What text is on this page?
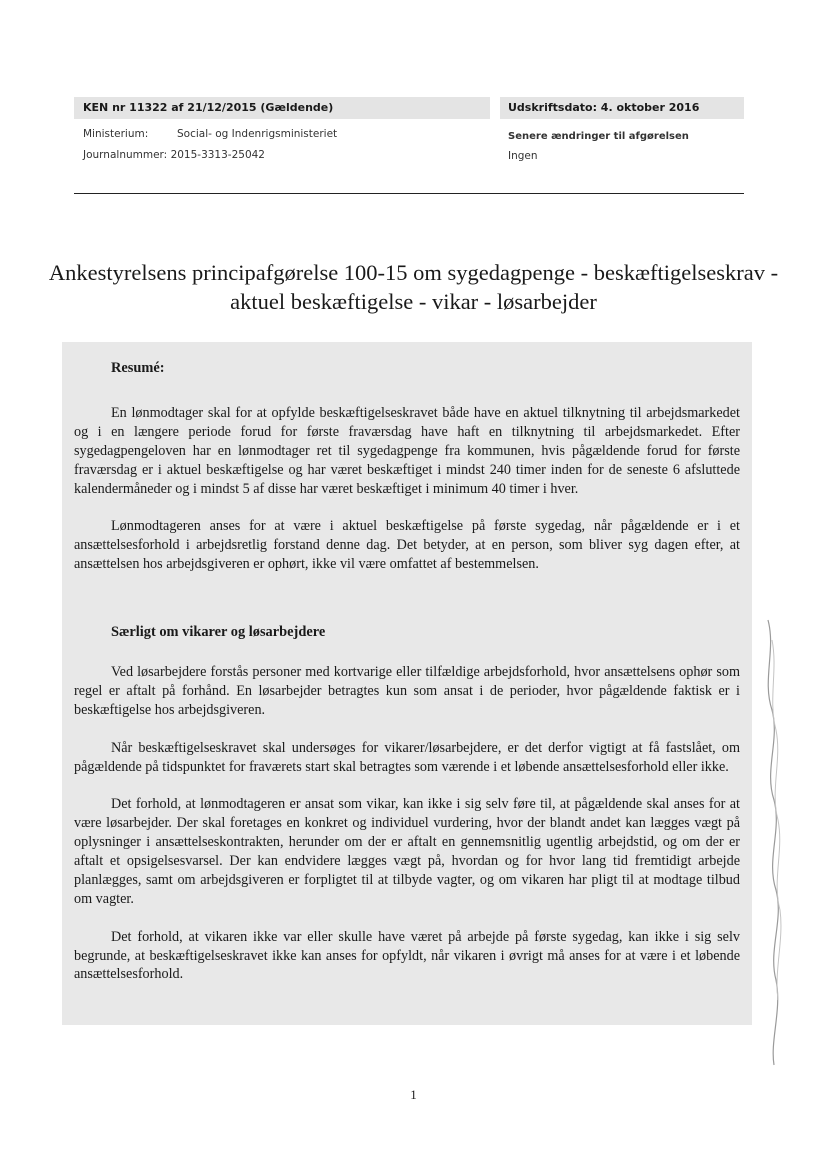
KEN nr 11322 af 21/12/2015 (Gældende)	Udskriftsdato: 4. oktober 2016
Ministerium:	Social- og Indenrigsministeriet
Journalnummer: 2015-3313-25042
Senere ændringer til afgørelsen
Ingen
Ankestyrelsens principafgørelse 100-15 om sygedagpenge - beskæftigelseskrav - aktuel beskæftigelse - vikar - løsarbejder
Resumé:

En lønmodtager skal for at opfylde beskæftigelseskravet både have en aktuel tilknytning til arbejdsmarkedet og i en længere periode forud for første fraværsdag have haft en tilknytning til arbejdsmarkedet. Efter sygedagpengeloven har en lønmodtager ret til sygedagpenge fra kommunen, hvis pågældende forud for første fraværsdag er i aktuel beskæftigelse og har været beskæftiget i mindst 240 timer inden for de seneste 6 afsluttede kalendermåneder og i mindst 5 af disse har været beskæftiget i minimum 40 timer i hver.

Lønmodtageren anses for at være i aktuel beskæftigelse på første sygedag, når pågældende er i et ansættelsesforhold i arbejdsretlig forstand denne dag. Det betyder, at en person, som bliver syg dagen efter, at ansættelsen hos arbejdsgiveren er ophørt, ikke vil være omfattet af bestemmelsen.

Særligt om vikarer og løsarbejdere

Ved løsarbejdere forstås personer med kortvarige eller tilfældige arbejdsforhold, hvor ansættelsens ophør som regel er aftalt på forhånd. En løsarbejder betragtes kun som ansat i de perioder, hvor pågældende faktisk er i beskæftigelse hos arbejdsgiveren.

Når beskæftigelseskravet skal undersøges for vikarer/løsarbejdere, er det derfor vigtigt at få fastslået, om pågældende på tidspunktet for fraværets start skal betragtes som værende i et løbende ansættelsesforhold eller ikke.

Det forhold, at lønmodtageren er ansat som vikar, kan ikke i sig selv føre til, at pågældende skal anses for at være løsarbejder. Der skal foretages en konkret og individuel vurdering, hvor der blandt andet kan lægges vægt på oplysninger i ansættelseskontrakten, herunder om der er aftalt en gennemsnitlig ugentlig arbejdstid, og om der er aftalt et opsigelsesvarsel. Der kan endvidere lægges vægt på, hvordan og for hvor lang tid fremtidigt arbejde planlægges, samt om arbejdsgiveren er forpligtet til at tilbyde vagter, og om vikaren har pligt til at modtage tilbud om vagter.

Det forhold, at vikaren ikke var eller skulle have været på arbejde på første sygedag, kan ikke i sig selv begrunde, at beskæftigelseskravet ikke kan anses for opfyldt, når vikaren i øvrigt må anses for at være i et løbende ansættelsesforhold.

1
